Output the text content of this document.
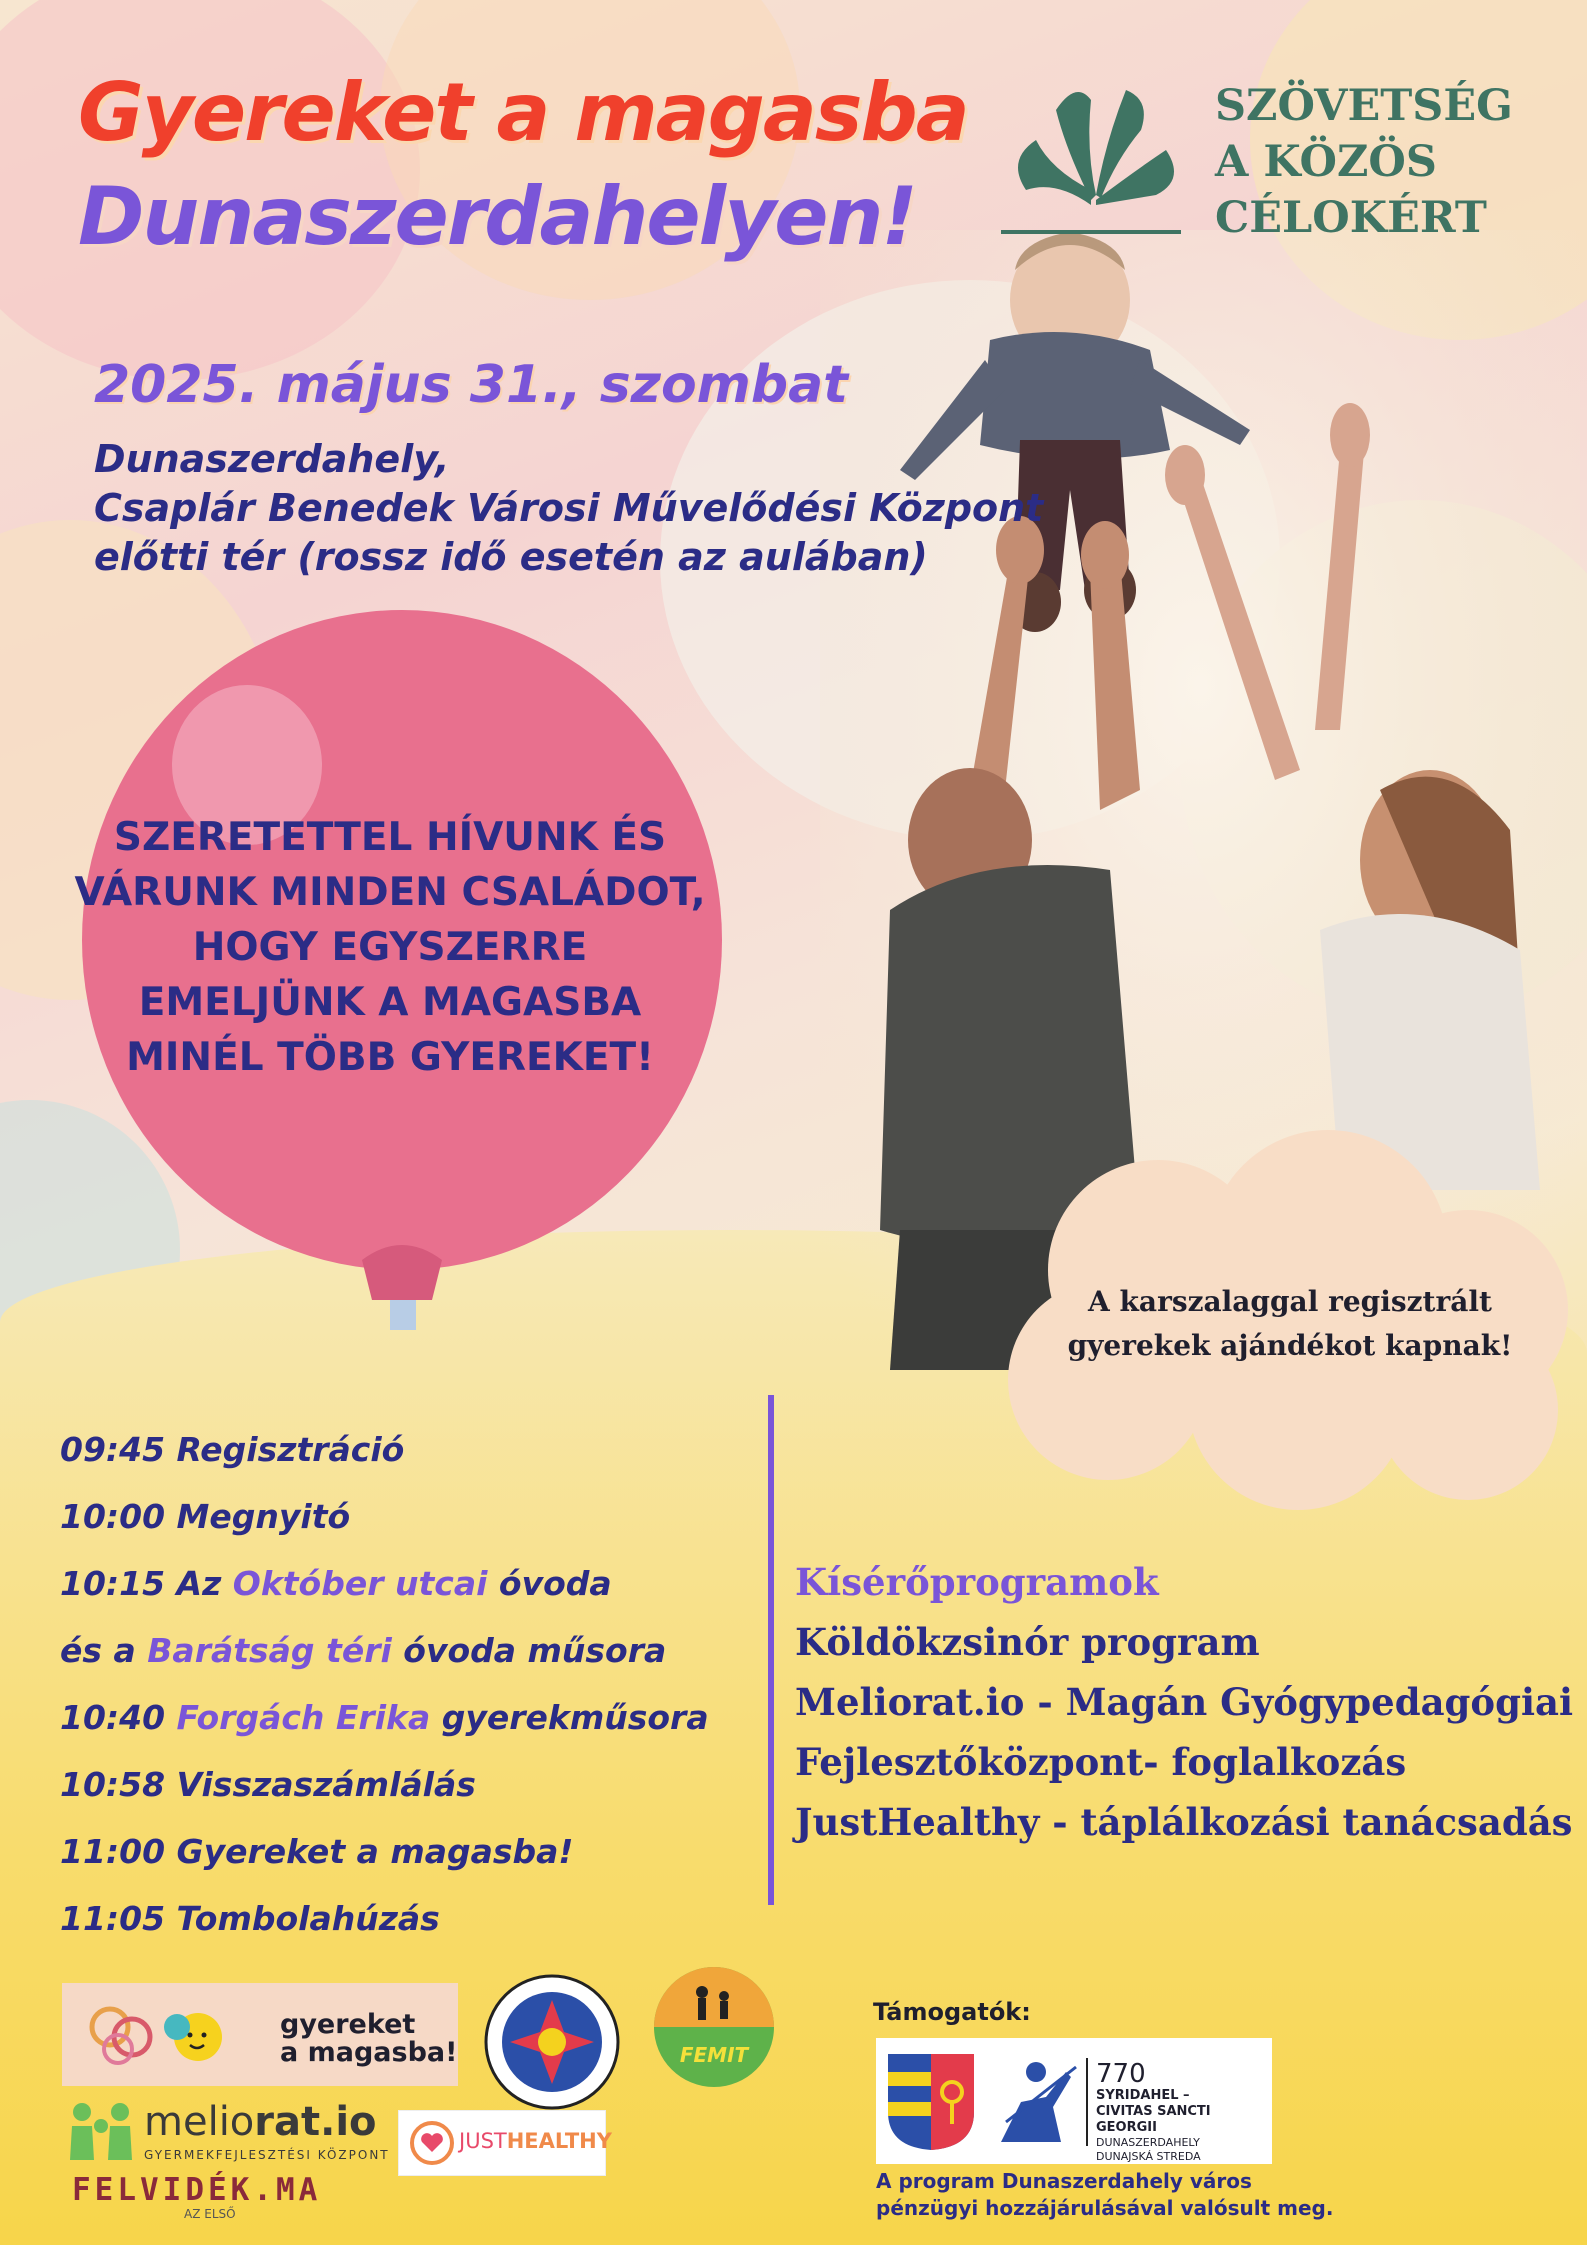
Gyereket a magasba
Dunaszerdahelyen!
SZÖVETSÉG
A KÖZÖS
CÉLOKÉRT
2025. május 31., szombat
Dunaszerdahely,
Csaplár Benedek Városi Művelődési Központ
előtti tér (rossz idő esetén az aulában)
SZERETETTEL HÍVUNK ÉS
VÁRUNK MINDEN CSALÁDOT,
HOGY EGYSZERRE
EMELJÜNK A MAGASBA
MINÉL TÖBB GYEREKET!
A karszalaggal regisztrált
gyerekek ajándékot kapnak!
09:45 Regisztráció
10:00 Megnyitó
10:15 Az Október utcai óvoda
és a Barátság téri óvoda műsora
10:40 Forgách Erika gyerekműsora
10:58 Visszaszámlálás
11:00 Gyereket a magasba!
11:05 Tombolahúzás
Kísérőprogramok
Köldökzsinór program
Meliorat.io - Magán Gyógypedagógiai
Fejlesztőközpont- foglalkozás
JustHealthy - táplálkozási tanácsadás
gyereket
a magasba!	FEMIT
meliorat.io
GYERMEKFEJLESZTÉSI KÖZPONT
JUSTHEALTHY
FELVIDÉK.MA
AZ ELSŐ
Támogatók:
770
SYRIDAHEL –
CIVITAS SANCTI GEORGII
DUNASZERDAHELY
DUNAJSKÁ STREDA
A program Dunaszerdahely város
pénzügyi hozzájárulásával valósult meg.
